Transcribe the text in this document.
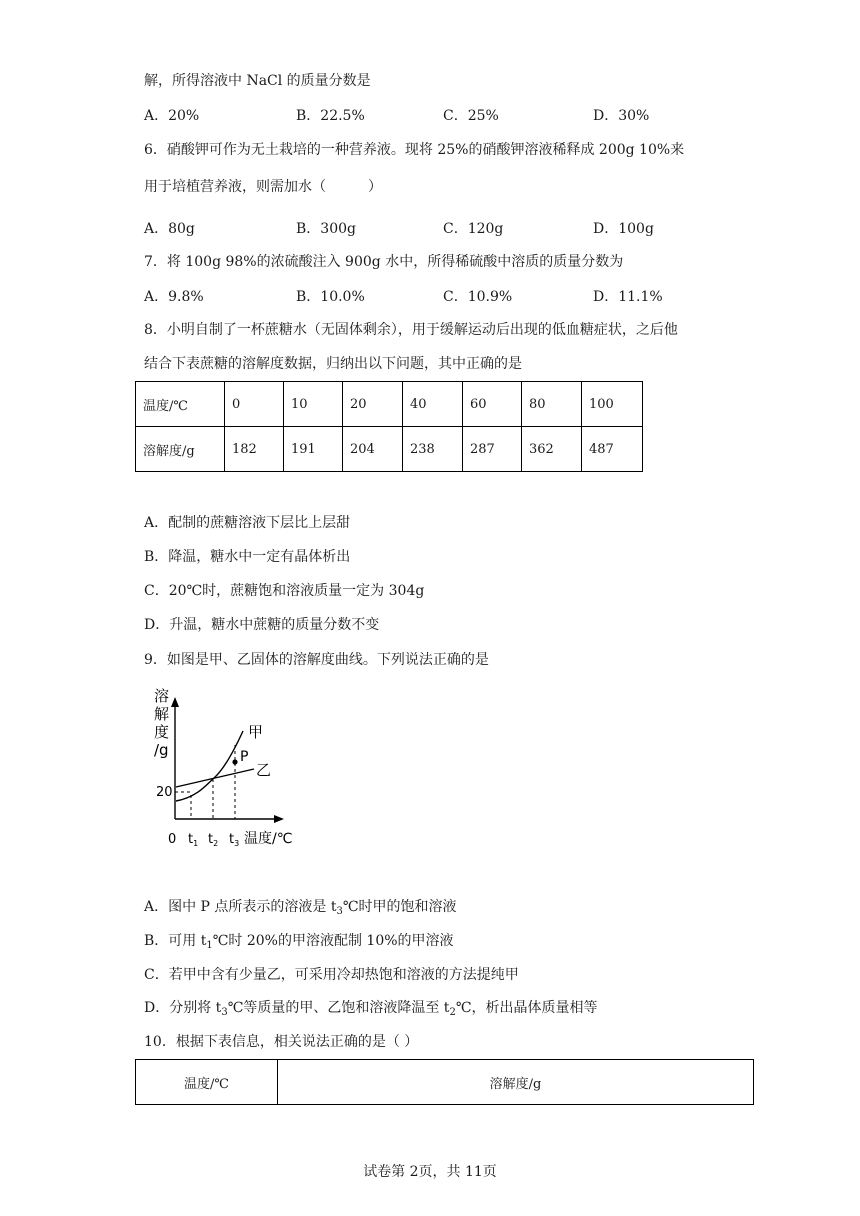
解，所得溶液中 NaCl 的质量分数是
A．20%	B．22.5%	C．25%	D．30%
6．硝酸钾可作为无土栽培的一种营养液。现将 25%的硝酸钾溶液稀释成 200g 10%来
用于培植营养液，则需加水（　　　）
A．80g	B．300g	C．120g	D．100g
7．将 100g 98%的浓硫酸注入 900g 水中，所得稀硫酸中溶质的质量分数为
A．9.8%	B．10.0%	C．10.9%	D．11.1%
8．小明自制了一杯蔗糖水（无固体剩余），用于缓解运动后出现的低血糖症状，之后他
结合下表蔗糖的溶解度数据，归纳出以下问题，其中正确的是
温度/℃	0	10	20	40	60	80	100
溶解度/g	182	191	204	238	287	362	487
A．配制的蔗糖溶液下层比上层甜
B．降温，糖水中一定有晶体析出
C．20℃时，蔗糖饱和溶液质量一定为 304g
D．升温，糖水中蔗糖的质量分数不变
9．如图是甲、乙固体的溶解度曲线。下列说法正确的是
溶
解
度
/g
20
P
甲
乙
0 $t_1$ $t_2$ $t_3$ 温度/℃
A．图中 P 点所表示的溶液是 $t_3℃$时甲的饱和溶液
B．可用 $t_1℃$时 20%的甲溶液配制 10%的甲溶液
C．若甲中含有少量乙，可采用冷却热饱和溶液的方法提纯甲
D．分别将 $t_3℃$等质量的甲、乙饱和溶液降温至 $t_2℃$，析出晶体质量相等
10．根据下表信息，相关说法正确的是（ ）
温度/℃	溶解度/g
试卷第 2页，共 11页
